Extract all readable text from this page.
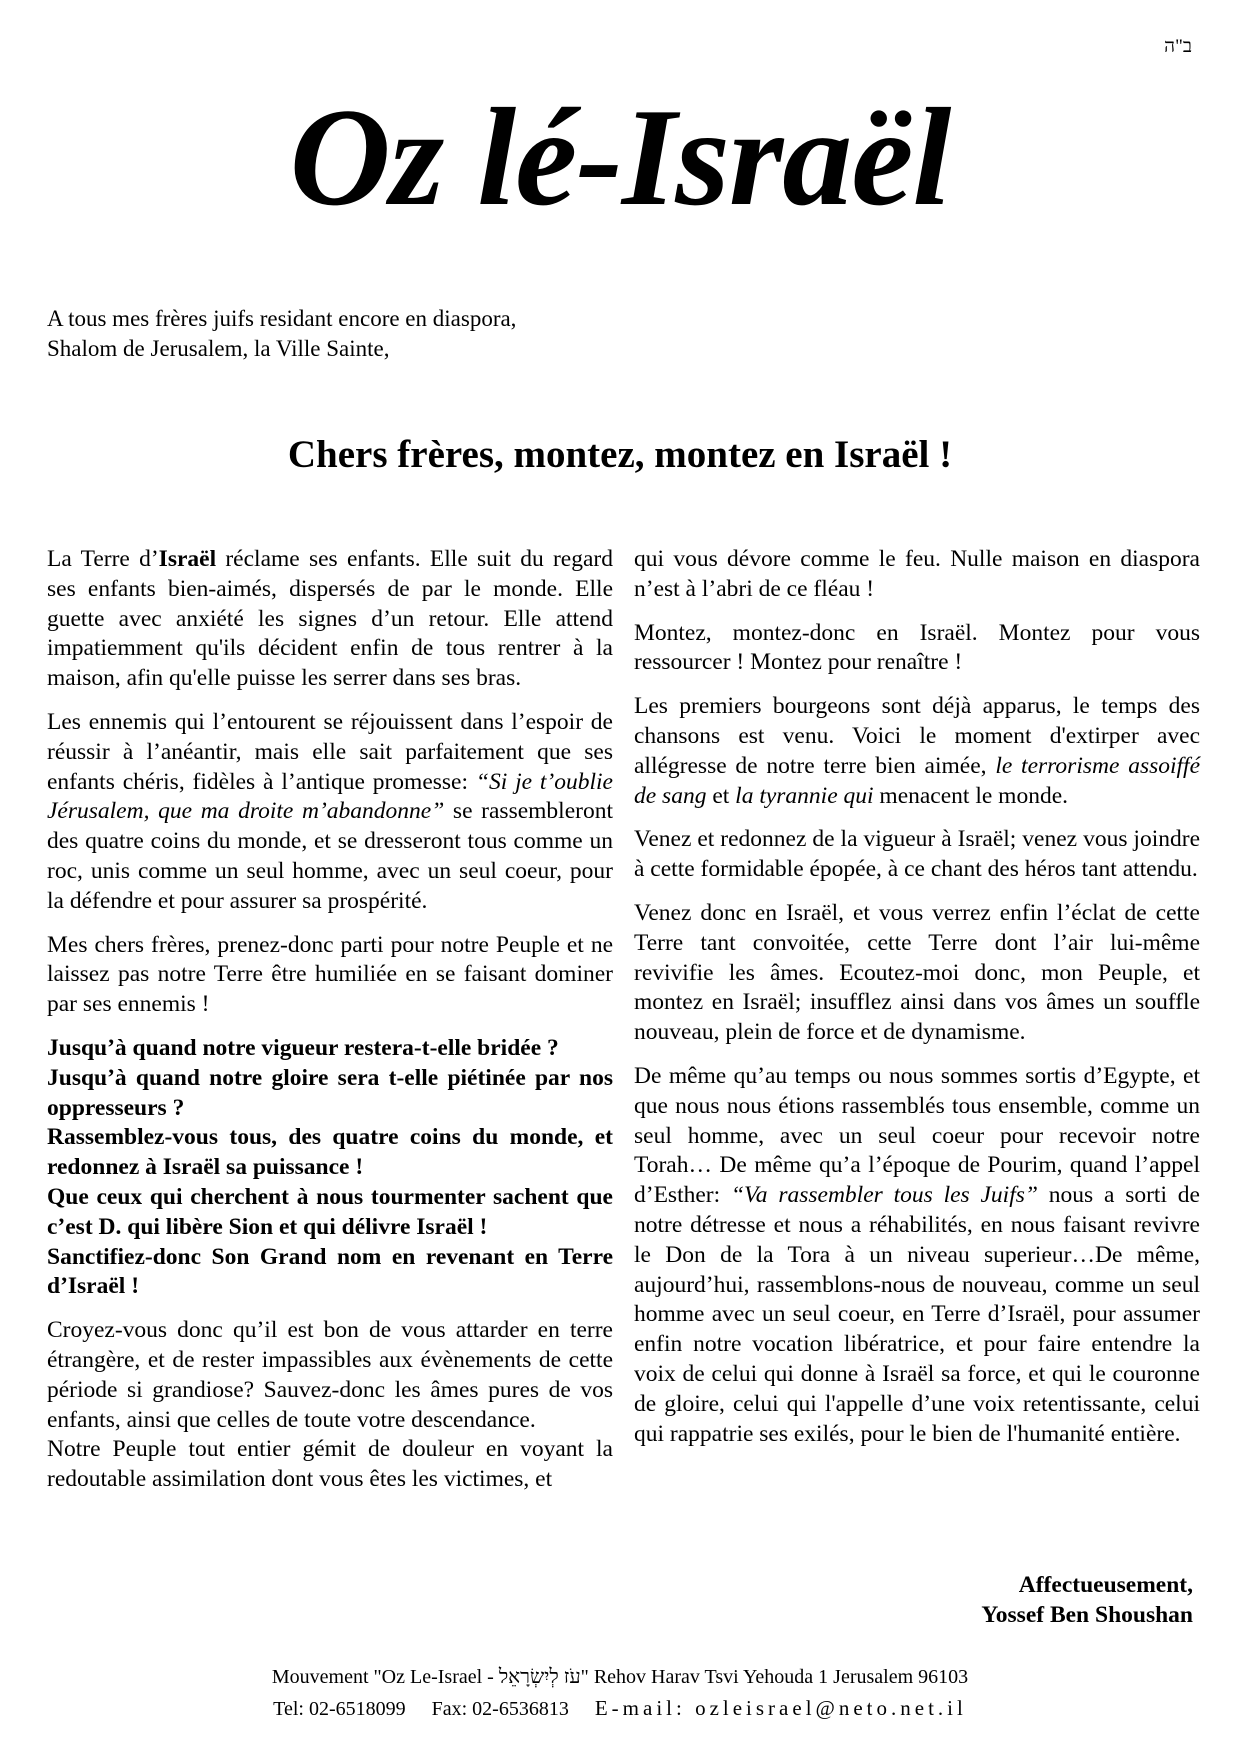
ב"ה
Oz lé-Israël
A tous mes frères juifs residant encore en diaspora,
Shalom de Jerusalem, la Ville Sainte,
Chers frères, montez, montez en Israël !

La Terre d’Israël réclame ses enfants. Elle suit du regard ses enfants bien-aimés, dispersés de par le monde. Elle guette avec anxiété les signes d’un retour. Elle attend impatiemment qu'ils décident enfin de tous rentrer à la maison, afin qu'elle puisse les serrer dans ses bras.

Les ennemis qui l’entourent se réjouissent dans l’espoir de réussir à l’anéantir, mais elle sait parfaitement que ses enfants chéris, fidèles à l’antique promesse: “Si je t’oublie Jérusalem, que ma droite m’abandonne” se rassembleront des quatre coins du monde, et se dresseront tous comme un roc, unis comme un seul homme, avec un seul coeur, pour la défendre et pour assurer sa prospérité.

Mes chers frères, prenez-donc parti pour notre Peuple et ne laissez pas notre Terre être humiliée en se faisant dominer par ses ennemis !

Jusqu’à quand notre vigueur restera-t-elle bridée ?
Jusqu’à quand notre gloire sera t-elle piétinée par nos oppresseurs ?
Rassemblez-vous tous, des quatre coins du monde, et redonnez à Israël sa puissance !
Que ceux qui cherchent à nous tourmenter sachent que c’est D. qui libère Sion et qui délivre Israël !
Sanctifiez-donc Son Grand nom en revenant en Terre d’Israël !

Croyez-vous donc qu’il est bon de vous attarder en terre étrangère, et de rester impassibles aux évènements de cette période si grandiose? Sauvez-donc les âmes pures de vos enfants, ainsi que celles de toute votre descendance.

Notre Peuple tout entier gémit de douleur en voyant la redoutable assimilation dont vous êtes les victimes, et

qui vous dévore comme le feu. Nulle maison en diaspora n’est à l’abri de ce fléau !

Montez, montez-donc en Israël. Montez pour vous ressourcer ! Montez pour renaître !

Les premiers bourgeons sont déjà apparus, le temps des chansons est venu. Voici le moment d'extirper avec allégresse de notre terre bien aimée, le terrorisme assoiffé de sang et la tyrannie qui menacent le monde.

Venez et redonnez de la vigueur à Israël; venez vous joindre à cette formidable épopée, à ce chant des héros tant attendu.

Venez donc en Israël, et vous verrez enfin l’éclat de cette Terre tant convoitée, cette Terre dont l’air lui-même revivifie les âmes. Ecoutez-moi donc, mon Peuple, et montez en Israël; insufflez ainsi dans vos âmes un souffle nouveau, plein de force et de dynamisme.

De même qu’au temps ou nous sommes sortis d’Egypte, et que nous nous étions rassemblés tous ensemble, comme un seul homme, avec un seul coeur pour recevoir notre Torah… De même qu’a l’époque de Pourim, quand l’appel d’Esther: “Va rassembler tous les Juifs” nous a sorti de notre détresse et nous a réhabilités, en nous faisant revivre le Don de la Tora à un niveau superieur…De même, aujourd’hui, rassemblons-nous de nouveau, comme un seul homme avec un seul coeur, en Terre d’Israël, pour assumer enfin notre vocation libératrice, et pour faire entendre la voix de celui qui donne à Israël sa force, et qui le couronne de gloire, celui qui l'appelle d’une voix retentissante, celui qui rappatrie ses exilés, pour le bien de l'humanité entière.

Affectueusement,
Yossef Ben Shoushan
Mouvement "Oz Le-Israel - עֹז לְיִשְׂרָאֵל" Rehov Harav Tsvi Yehouda 1 Jerusalem 96103
Tel: 02-6518099 Fax: 02-6536813 E-mail: ozleisrael@neto.net.il
